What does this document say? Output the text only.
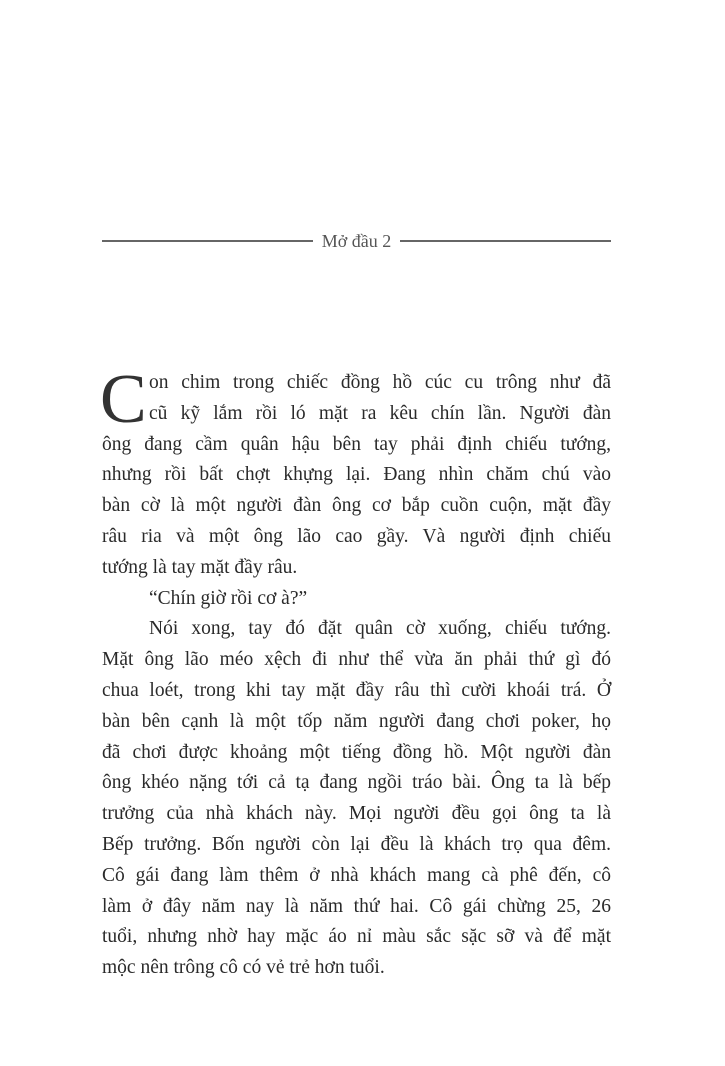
Mở đầu 2
C on chim trong chiếc đồng hồ cúc cu trông như đã
cũ kỹ lắm rồi ló mặt ra kêu chín lần. Người đàn
ông đang cầm quân hậu bên tay phải định chiếu tướng,
nhưng rồi bất chợt khựng lại. Đang nhìn chăm chú vào
bàn cờ là một người đàn ông cơ bắp cuồn cuộn, mặt đầy
râu ria và một ông lão cao gầy. Và người định chiếu
tướng là tay mặt đầy râu.
“Chín giờ rồi cơ à?”
Nói xong, tay đó đặt quân cờ xuống, chiếu tướng.
Mặt ông lão méo xệch đi như thể vừa ăn phải thứ gì đó
chua loét, trong khi tay mặt đầy râu thì cười khoái trá. Ở
bàn bên cạnh là một tốp năm người đang chơi poker, họ
đã chơi được khoảng một tiếng đồng hồ. Một người đàn
ông khéo nặng tới cả tạ đang ngồi tráo bài. Ông ta là bếp
trưởng của nhà khách này. Mọi người đều gọi ông ta là
Bếp trưởng. Bốn người còn lại đều là khách trọ qua đêm.
Cô gái đang làm thêm ở nhà khách mang cà phê đến, cô
làm ở đây năm nay là năm thứ hai. Cô gái chừng 25, 26
tuổi, nhưng nhờ hay mặc áo nỉ màu sắc sặc sỡ và để mặt
mộc nên trông cô có vẻ trẻ hơn tuổi.
